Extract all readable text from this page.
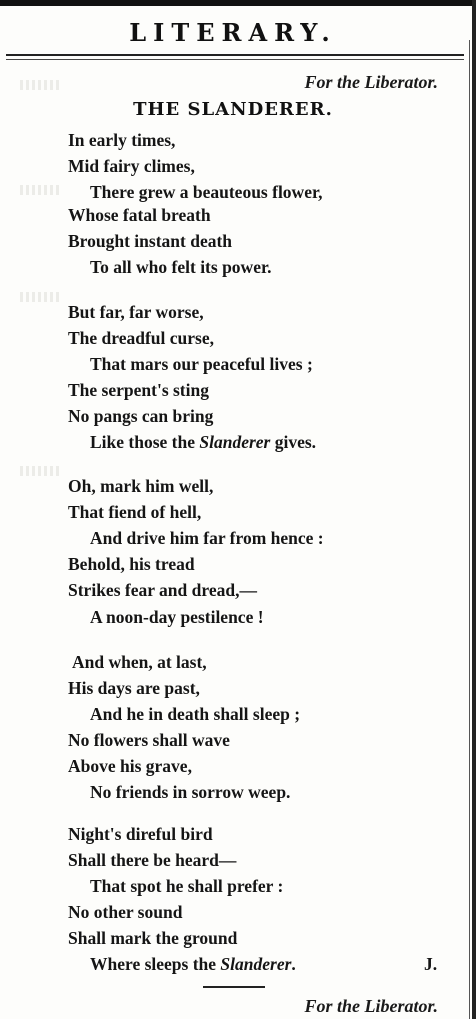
LITERARY.
For the Liberator.
THE SLANDERER.
In early times,
Mid fairy climes,
There grew a beauteous flower,
Whose fatal breath
Brought instant death
To all who felt its power.
But far, far worse,
The dreadful curse,
That mars our peaceful lives ;
The serpent's sting
No pangs can bring
Like those the Slanderer gives.
Oh, mark him well,
That fiend of hell,
And drive him far from hence :
Behold, his tread
Strikes fear and dread,—
A noon-day pestilence !
And when, at last,
His days are past,
And he in death shall sleep ;
No flowers shall wave
Above his grave,
No friends in sorrow weep.
Night's direful bird
Shall there be heard—
That spot he shall prefer :
No other sound
Shall mark the ground
Where sleeps the Slanderer.	J.
For the Liberator.
